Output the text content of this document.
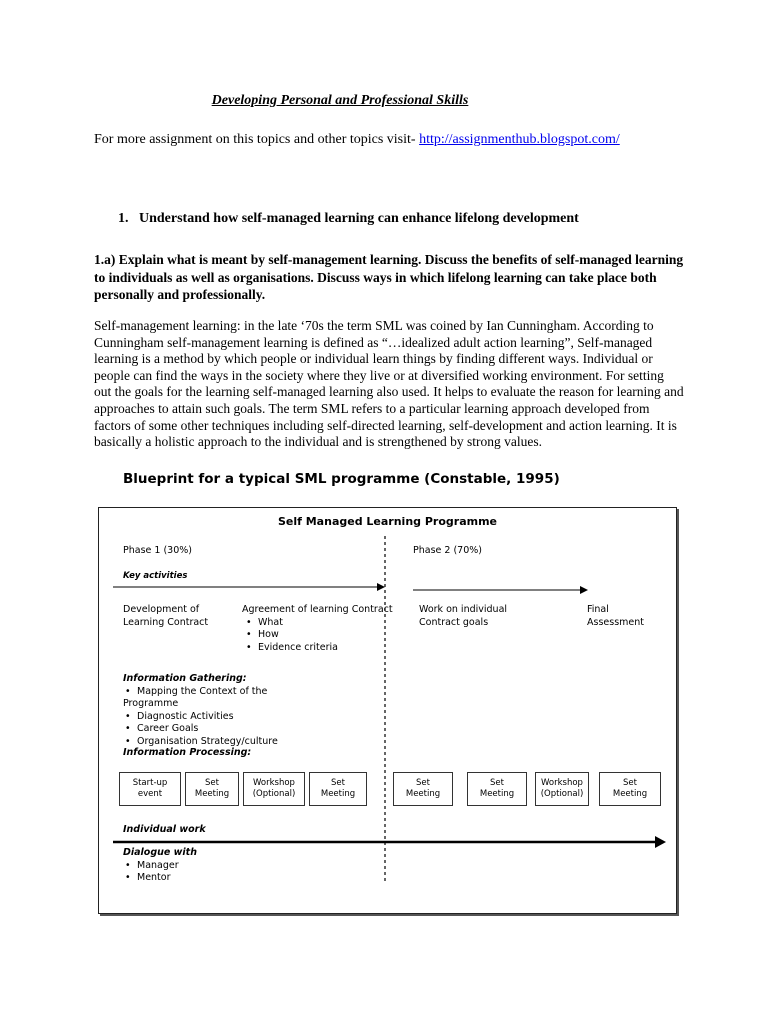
Developing Personal and Professional Skills
For more assignment on this topics and other topics visit- http://assignmenthub.blogspot.com/
1.   Understand how self-managed learning can enhance lifelong development
1.a) Explain what is meant by self-management learning. Discuss the benefits of self-managed learning to individuals as well as organisations. Discuss ways in which lifelong learning can take place both personally and professionally.
Self-management learning: in the late ‘70s the term SML was coined by Ian Cunningham. According to Cunningham self-management learning is defined as “…idealized adult action learning”, Self-managed learning is a method by which people or individual learn things by finding different ways. Individual or people can find the ways in the society where they live or at diversified working environment. For setting out the goals for the learning self-managed learning also used. It helps to evaluate the reason for learning and approaches to attain such goals. The term SML refers to a particular learning approach developed from factors of some other techniques including self-directed learning, self-development and action learning. It is basically a holistic approach to the individual and is strengthened by strong values.
Blueprint for a typical SML programme (Constable, 1995)
Self Managed Learning Programme
Phase 1 (30%)	Phase 2 (70%)
Key activities
Development of
Learning Contract
Agreement of learning Contract
• What
• How
• Evidence criteria
Work on individual
Contract goals
Final
Assessment
Information Gathering:
• Mapping the Context of the
Programme
• Diagnostic Activities
• Career Goals
• Organisation Strategy/culture
Information Processing:
Start-up
event
Set
Meeting
Workshop
(Optional)
Set
Meeting
Set
Meeting
Set
Meeting
Workshop
(Optional)
Set
Meeting
Individual work
Dialogue with
• Manager
• Mentor
